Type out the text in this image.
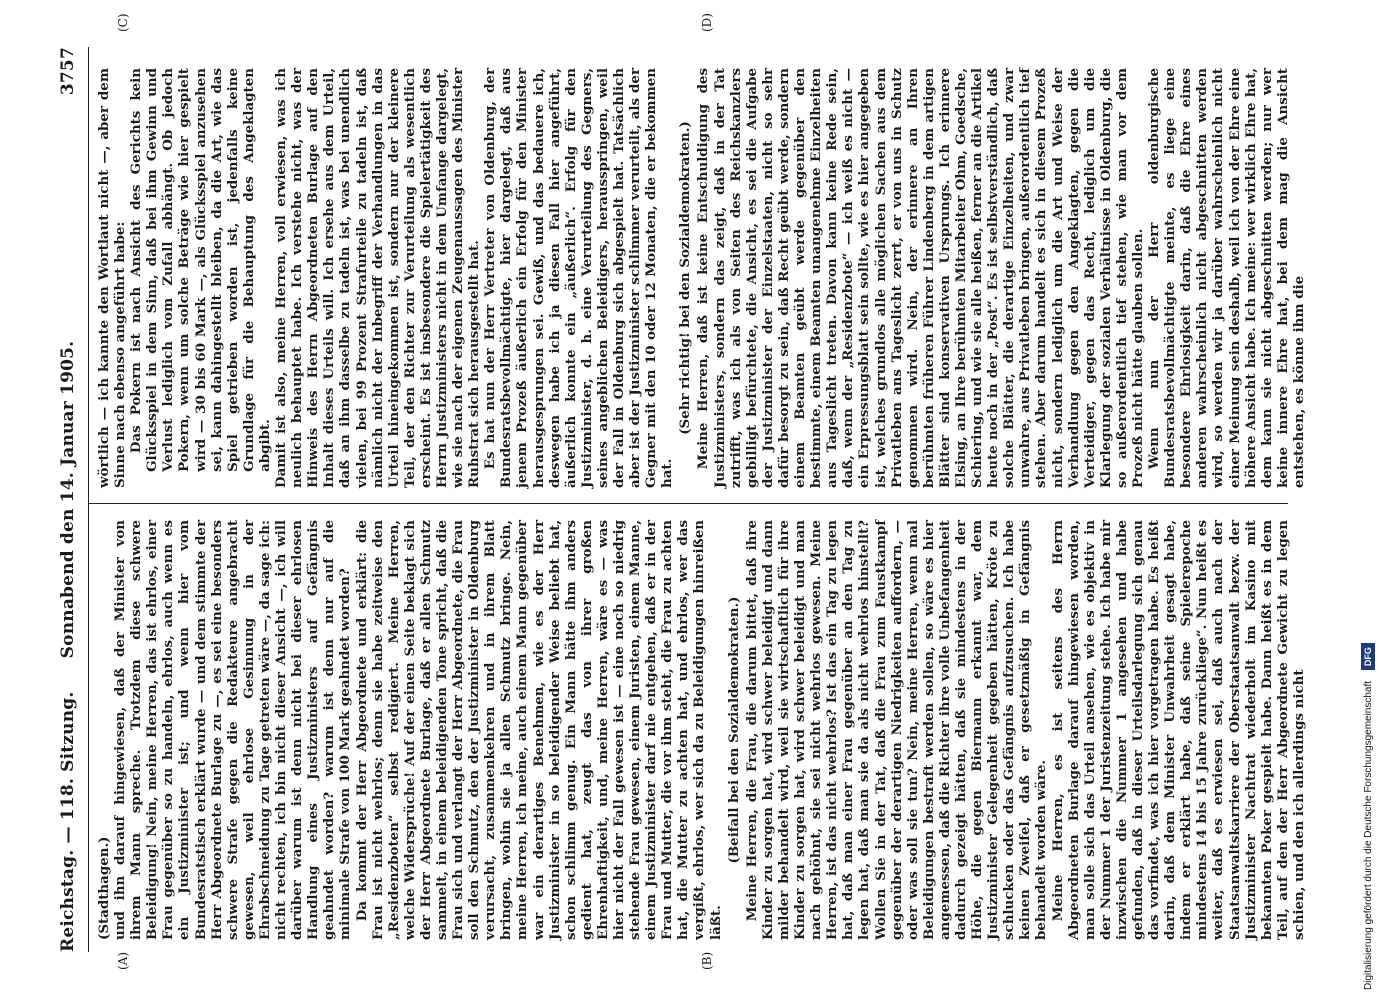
Reichstag. — 118. Sitzung.
Sonnabend den 14. Januar 1905.
3757
(A)	(B)
(C)	(D)

(Stadthagen.) und ihn darauf hingewiesen, daß der Minister von ihrem Mann spreche. Trotzdem diese schwere Beleidigung! Nein, meine Herren, das ist ehrlos, einer Frau gegenüber so zu handeln, ehrlos, auch wenn es ein Justizminister ist; und wenn hier vom Bundesratstisch erklärt wurde — und dem stimmte der Herr Abgeordnete Burlage zu —, es sei eine besonders schwere Strafe gegen die Redakteure angebracht gewesen, weil ehrlose Gesinnung in der Ehrabschneidung zu Tage getreten wäre —, da sage ich: nicht rechten, ich bin nicht dieser Ansicht —, ich will darüber warum ist denn nicht bei dieser ehrlosen Handlung eines Justizministers auf Gefängnis geahndet worden? warum ist denn nur auf die minimale Strafe von 100 Mark geahndet worden? Da kommt der Herr Abgeordnete und erklärt: die Frau ist nicht wehrlos; denn sie habe zeitweise den „Residenzboten“ selbst redigiert. Meine Herren, welche Widersprüche! Auf der einen Seite beklagt sich der Herr Abgeordnete Burlage, daß er allen Schmutz sammelt, in einem beleidigenden Tone spricht, daß die Frau sich und verlangt der Herr Abgeordnete, die Frau soll den Schmutz, den der Justizminister in Oldenburg verursacht, zusammenkehren und in ihrem Blatt bringen, wohin sie ja allen Schmutz bringe. Nein, meine Herren, ich meine, auch einem Mann gegenüber war ein derartiges Benehmen, wie es der Herr Justizminister in so beleidigender Weise beliebt hat, schon schlimm genug. Ein Mann hätte ihm anders gedient hat, zeugt das von ihrer großen Ehrenhaftigkeit, und, meine Herren, wäre es — was hier nicht der Fall gewesen ist — eine noch so niedrig stehende Frau gewesen, einem Juristen, einem Manne, einem Justizminister darf nie entgehen, daß er in der Frau und Mutter, die vor ihm steht, die Frau zu achten hat, die Mutter zu achten hat, und ehrlos, wer das vergißt, ehrlos, wer sich da zu Beleidigungen hinreißen läßt.

(Beifall bei den Sozialdemokraten.) Meine Herren, die Frau, die darum bittet, daß ihre Kinder zu sorgen hat, wird schwer beleidigt und dann milder behandelt wird, weil sie wirtschaftlich für ihre Kinder zu sorgen hat, wird schwer beleidigt und man nach gehöhnt, sie sei nicht wehrlos gewesen. Meine Herren, ist das nicht wehrlos? Ist das ein Tag zu legen hat, daß man einer Frau gegenüber an den Tag zu legen hat, daß man sie da als nicht wehrlos hinstellt? Wollen Sie in der Tat, daß die Frau zum Faustkampf gegenüber der derartigen Niedrigkeiten auffordern, — oder was soll sie tun? Nein, meine Herren, wenn mal Beleidigungen bestraft werden sollen, so wäre es hier angemessen, daß die Richter ihre volle Unbefangenheit dadurch gezeigt hätten, daß sie mindestens in der Höhe, die gegen Biermann erkannt war, dem Justizminister Gelegenheit gegeben hätten, Kröte zu schlucken oder das Gefängnis aufzusuchen. Ich habe keinen Zweifel, daß er gesetzmäßig in Gefängnis behandelt worden wäre. Meine Herren, es ist seitens des Herrn Abgeordneten Burlage darauf hingewiesen worden, man solle sich das Urteil ansehen, wie es objektiv in der Nummer 1 der Juristenzeitung stehe. Ich habe mir inzwischen die Nummer 1 angesehen und habe gefunden, daß in dieser Urteilsdarlegung sich genau das vorfindet, was ich hier vorgetragen habe. Es heißt darin, daß dem Minister Unwahrheit gesagt habe, indem er erklärt habe, daß seine Spielerepoche mindestens 14 bis 15 Jahre zurückliege“. Nun heißt es weiter, daß es erwiesen sei, daß auch nach der Staatsanwaltskarriere der Oberstaatsanwalt bezw. der Justizminister Nachtrat wiederholt im Kasino mit bekannten Poker gespielt habe. Dann heißt es in dem Teil, auf den der Herr Abgeordnete Gewicht zu legen schien, und den ich allerdings nicht

wörtlich — ich kannte den Wortlaut nicht —, aber dem Sinne nach ebenso angeführt habe: Das Pokern ist nach Ansicht des Gerichts kein Glücksspiel in dem Sinn, daß bei ihm Gewinn und Verlust lediglich vom Zufall abhängt. Ob jedoch Pokern, wenn um solche Beträge wie hier gespielt wird — 30 bis 60 Mark —, als Glücksspiel anzusehen sei, kann dahingestellt bleiben, da die Art, wie das Spiel getrieben worden ist, jedenfalls keine Grundlage für die Behauptung des Angeklagten abgibt. Damit ist also, meine Herren, voll erwiesen, was ich neulich behauptet habe. Ich verstehe nicht, was der Hinweis des Herrn Abgeordneten Burlage auf den Inhalt dieses Urteils will. Ich ersehe aus dem Urteil, daß an ihm dasselbe zu tadeln ist, was bei unendlich vielen, bei 99 Prozent Strafurteile zu tadeln ist, daß nämlich nicht der Inbegriff der Verhandlungen in das Urteil hineingekommen ist, sondern nur der kleinere Teil, der den Richter zur Verurteilung als wesentlich erscheint. Es ist insbesondere die Spielertätigkeit des Herrn Justizministers nicht in dem Umfange dargelegt, wie sie nach der eigenen Zeugenaussagen des Minister Ruhstrat sich herausgestellt hat. Es hat nun der Herr Vertreter von Oldenburg, der Bundesratsbevollmächtigte, hier dargelegt, daß aus jenem Prozeß äußerlich ein Erfolg für den Minister herausgesprungen sei. Gewiß, und das bedauere ich, deswegen habe ich ja diesen Fall hier angeführt, äußerlich konnte ein „äußerlich“. Erfolg für den Justizminister, d. h. eine Verurteilung des Gegners, seines angeblichen Beleidigers, herausspringen, weil der Fall in Oldenburg sich abgespielt hat. Tatsächlich aber ist der Justizminister schlimmer verurteilt, als der Gegner mit den 10 oder 12 Monaten, die er bekommen hat.

(Sehr richtig! bei den Sozialdemokraten.) Meine Herren, daß ist keine Entschuldigung des Justizministers, sondern das zeigt, daß in der Tat zutrifft, was ich als von Seiten des Reichskanzlers gebilligt befürchtete, die Ansicht, es sei die Aufgabe der Justizminister der Einzelstaaten, nicht so sehr dafür besorgt zu sein, daß Recht geübt werde, sondern einem Beamten geübt werde gegenüber den bestimmte, einem Beamten unangenehme Einzelheiten aus Tageslicht treten. Davon kann keine Rede sein, daß, wenn der „Residenzbote“ — ich weiß es nicht — ein Erpressungsblatt sein sollte, wie es hier angegeben ist, welches grundlos alle möglichen Sachen aus dem Privatleben ans Tageslicht zerrt, er von uns in Schutz genommen wird. Nein, der erinnere an Ihren berühmten früheren Führer Lindenberg in dem artigen Blätter sind konservativen Ursprungs. Ich erinnere Elsing, an Ihre berühmten Mitarbeiter Ohm, Goedsche, Schiering, und wie sie alle heißen, ferner an die Artikel heute noch in der „Post“. Es ist selbstverständlich, daß solche Blätter, die derartige Einzelheiten, und zwar unwahre, aus Privatleben bringen, außerordentlich tief stehen. Aber darum handelt es sich in diesem Prozeß nicht, sondern lediglich um die Art und Weise der Verhandlung gegen den Angeklagten, gegen die Verteidiger, gegen das Recht, lediglich um die Klarlegung der sozialen Verhältnisse in Oldenburg, die so außerordentlich tief stehen, wie man vor dem Prozeß nicht hätte glauben sollen. Wenn nun der Herr oldenburgische Bundesratsbevollmächtigte meinte, es liege eine besondere Ehrlosigkeit darin, daß die Ehre eines anderen wahrscheinlich nicht abgeschnitten werden wird, so werden wir ja darüber wahrscheinlich nicht einer Meinung sein deshalb, weil ich von der Ehre eine höhere Ansicht habe. Ich meine: wer wirklich Ehre hat, dem kann sie nicht abgeschnitten werden; nur wer keine innere Ehre hat, bei dem mag die Ansicht entstehen, es könne ihm die

Digitalisierung gefördert durch die Deutsche Forschungsgemeinschaft DFG
